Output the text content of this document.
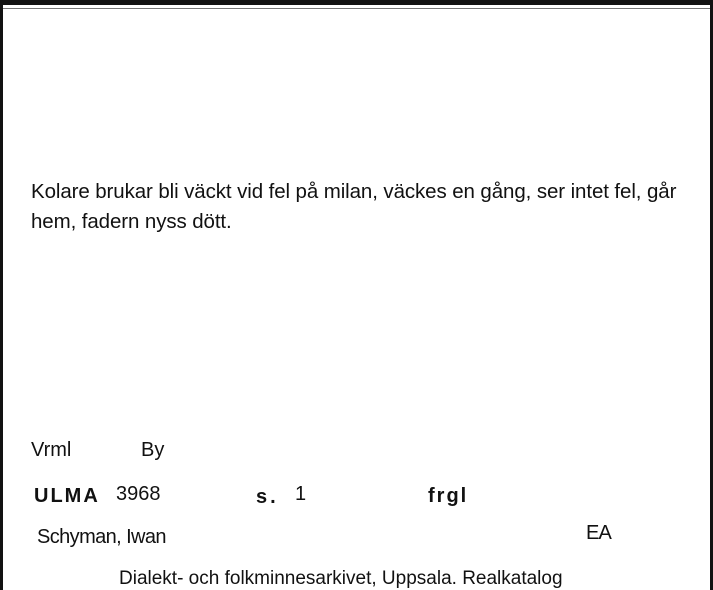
Kolare brukar bli väckt vid fel på milan, väckes en gång, ser intet fel, går hem, fadern nyss dött.
Vrml	By
ULMA 3968	s. 1	frgl
Schyman, Iwan	EA
Dialekt- och folkminnesarkivet, Uppsala. Realkatalog
